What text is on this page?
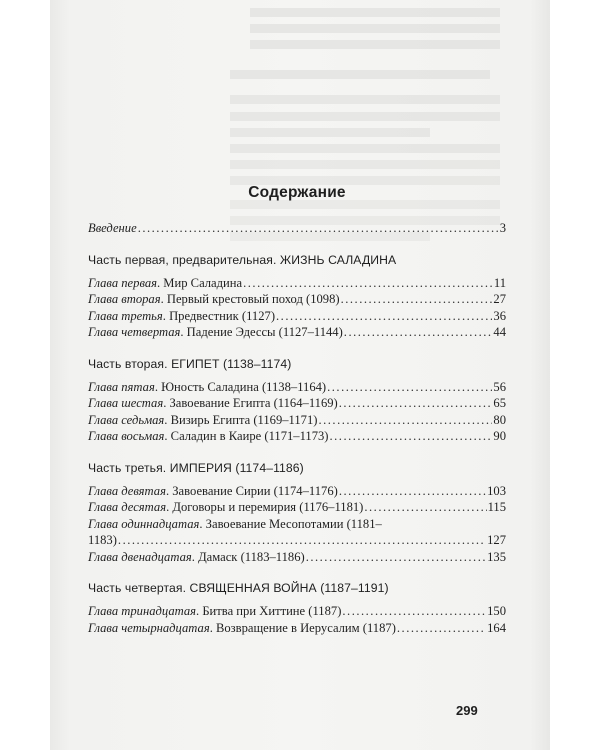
Содержание
Введение .....	3
Часть первая, предварительная. ЖИЗНЬ САЛАДИНА
Глава первая. Мир Саладина .....	11
Глава вторая. Первый крестовый поход (1098) .....	27
Глава третья. Предвестник (1127) .....	36
Глава четвертая. Падение Эдессы (1127–1144) .....	44
Часть вторая. ЕГИПЕТ (1138–1174)
Глава пятая. Юность Саладина (1138–1164) .....	56
Глава шестая. Завоевание Египта (1164–1169) .....	65
Глава седьмая. Визирь Египта (1169–1171) .....	80
Глава восьмая. Саладин в Каире (1171–1173) .....	90
Часть третья. ИМПЕРИЯ (1174–1186)
Глава девятая. Завоевание Сирии (1174–1176) .....	103
Глава десятая. Договоры и перемирия (1176–1181) .....	115
Глава одиннадцатая. Завоевание Месопотамии (1181–
1183) .....	127
Глава двенадцатая. Дамаск (1183–1186) .....	135
Часть четвертая. СВЯЩЕННАЯ ВОЙНА (1187–1191)
Глава тринадцатая. Битва при Хиттине (1187) .....	150
Глава четырнадцатая. Возвращение в Иерусалим (1187) .....	164
299
